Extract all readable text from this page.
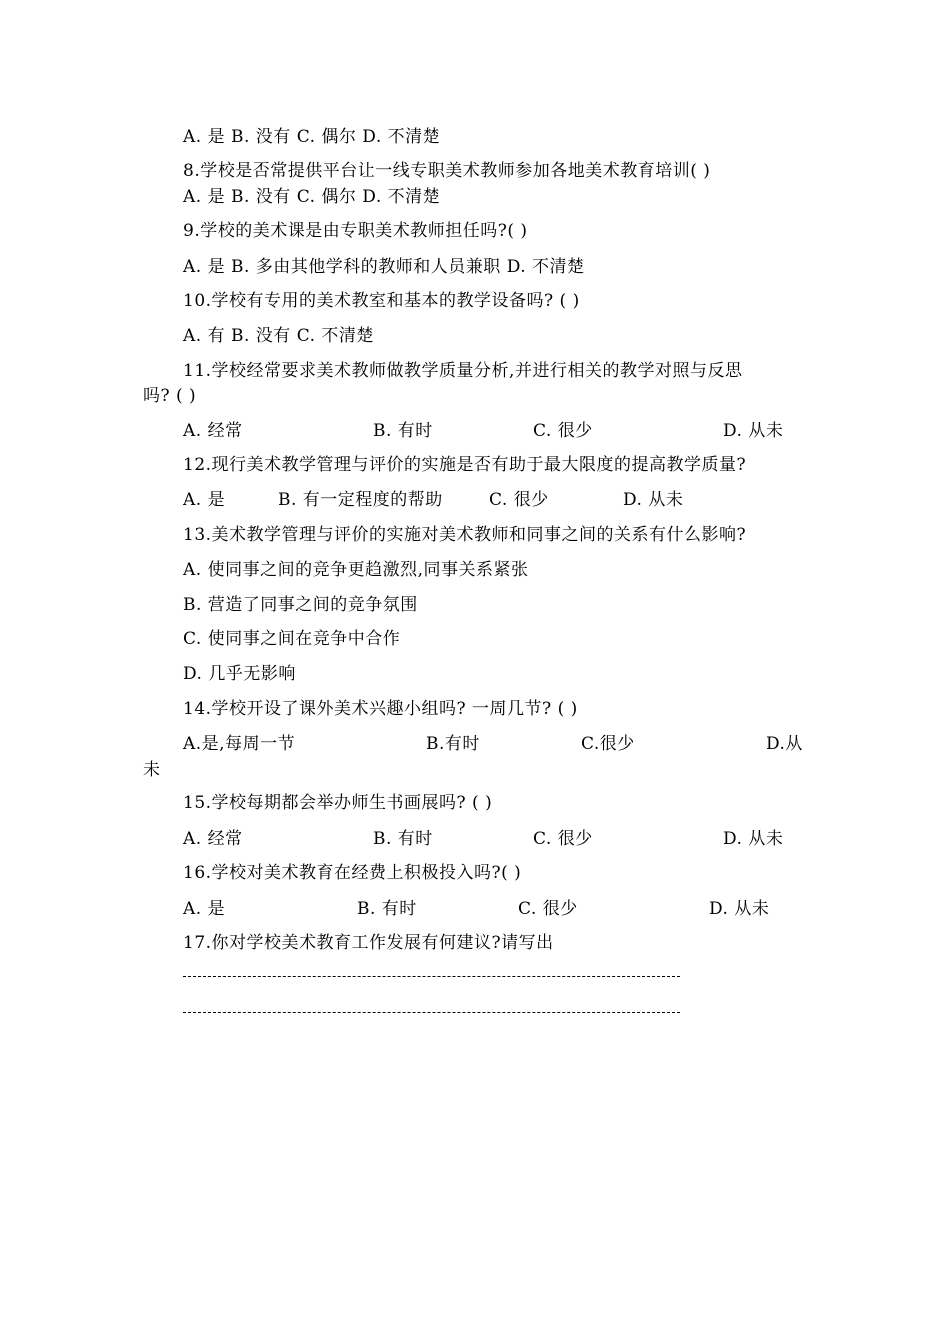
A. 是 B. 没有 C. 偶尔 D. 不清楚
8.学校是否常提供平台让一线专职美术教师参加各地美术教育培训( )
A. 是 B. 没有 C. 偶尔 D. 不清楚
9.学校的美术课是由专职美术教师担任吗?( )
A. 是 B. 多由其他学科的教师和人员兼职 D. 不清楚
10.学校有专用的美术教室和基本的教学设备吗? ( )
A. 有 B. 没有 C. 不清楚
11.学校经常要求美术教师做教学质量分析,并进行相关的教学对照与反思
吗? ( )
A. 经常	B. 有时	C. 很少	D. 从未
12.现行美术教学管理与评价的实施是否有助于最大限度的提高教学质量?
A. 是	B. 有一定程度的帮助	C. 很少	D. 从未
13.美术教学管理与评价的实施对美术教师和同事之间的关系有什么影响?
A. 使同事之间的竞争更趋激烈,同事关系紧张
B. 营造了同事之间的竞争氛围
C. 使同事之间在竞争中合作
D. 几乎无影响
14.学校开设了课外美术兴趣小组吗? 一周几节? ( )
A.是,每周一节	B.有时	C.很少	D.从
未
15.学校每期都会举办师生书画展吗? ( )
A. 经常	B. 有时	C. 很少	D. 从未
16.学校对美术教育在经费上积极投入吗?( )
A. 是	B. 有时	C. 很少	D. 从未
17.你对学校美术教育工作发展有何建议?请写出
